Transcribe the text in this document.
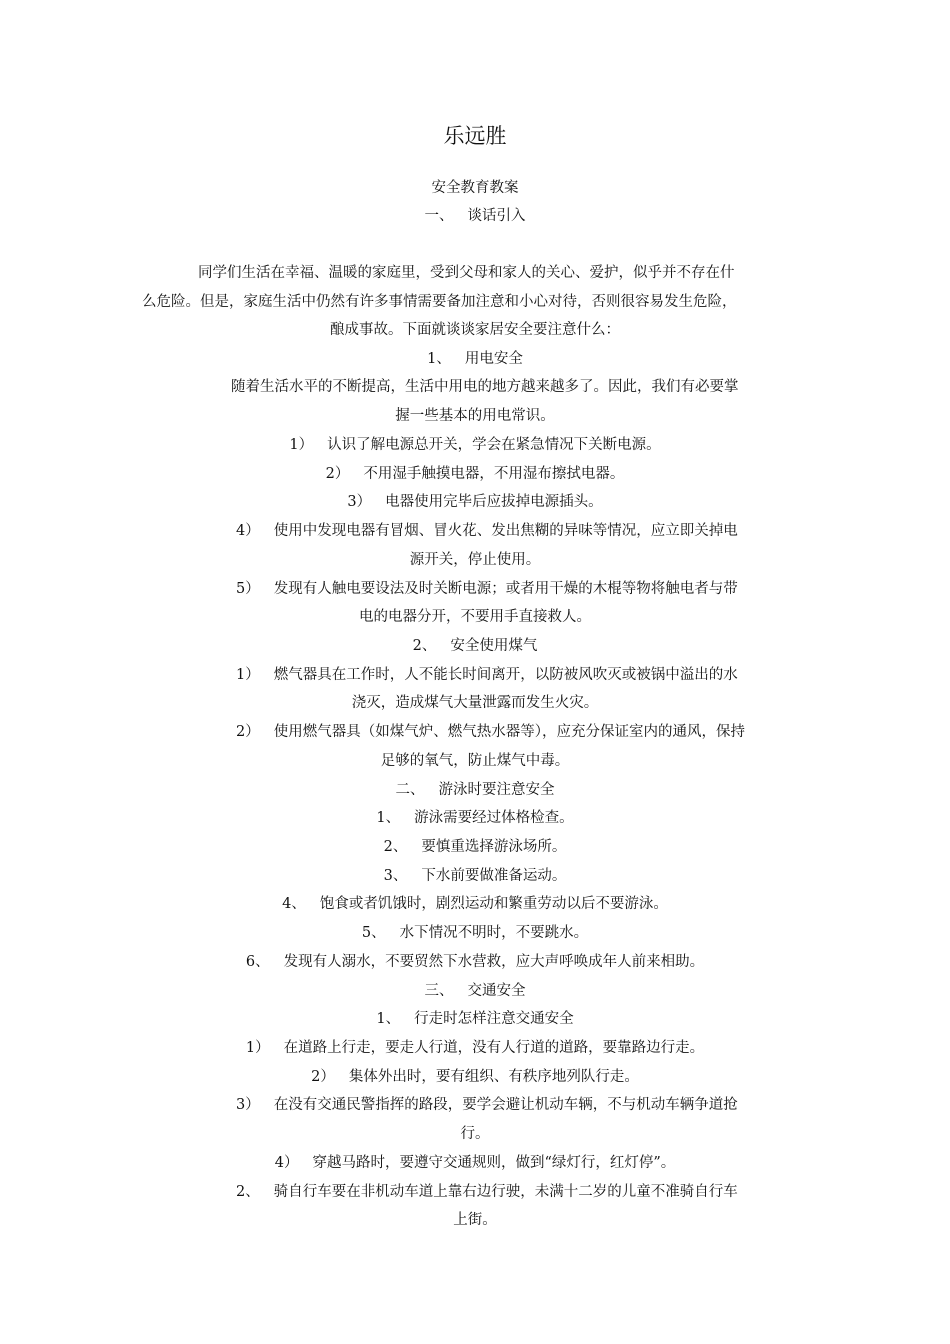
乐远胜
安全教育教案
一、 谈话引入
同学们生活在幸福、温暖的家庭里，受到父母和家人的关心、爱护，似乎并不存在什
么危险。但是，家庭生活中仍然有许多事情需要备加注意和小心对待，否则很容易发生危险，
酿成事故。下面就谈谈家居安全要注意什么：
1、 用电安全
随着生活水平的不断提高，生活中用电的地方越来越多了。因此，我们有必要掌
握一些基本的用电常识。
1） 认识了解电源总开关，学会在紧急情况下关断电源。
2） 不用湿手触摸电器，不用湿布擦拭电器。
3） 电器使用完毕后应拔掉电源插头。
4） 使用中发现电器有冒烟、冒火花、发出焦糊的异味等情况，应立即关掉电
源开关，停止使用。
5） 发现有人触电要设法及时关断电源；或者用干燥的木棍等物将触电者与带
电的电器分开，不要用手直接救人。
2、 安全使用煤气
1） 燃气器具在工作时，人不能长时间离开，以防被风吹灭或被锅中溢出的水
浇灭，造成煤气大量泄露而发生火灾。
2） 使用燃气器具（如煤气炉、燃气热水器等），应充分保证室内的通风，保持
足够的氧气，防止煤气中毒。
二、 游泳时要注意安全
1、 游泳需要经过体格检查。
2、 要慎重选择游泳场所。
3、 下水前要做准备运动。
4、 饱食或者饥饿时，剧烈运动和繁重劳动以后不要游泳。
5、 水下情况不明时，不要跳水。
6、 发现有人溺水，不要贸然下水营救，应大声呼唤成年人前来相助。
三、 交通安全
1、 行走时怎样注意交通安全
1） 在道路上行走，要走人行道，没有人行道的道路，要靠路边行走。
2） 集体外出时，要有组织、有秩序地列队行走。
3） 在没有交通民警指挥的路段，要学会避让机动车辆，不与机动车辆争道抢
行。
4） 穿越马路时，要遵守交通规则，做到“绿灯行，红灯停”。
2、 骑自行车要在非机动车道上靠右边行驶，未满十二岁的儿童不准骑自行车
上街。
